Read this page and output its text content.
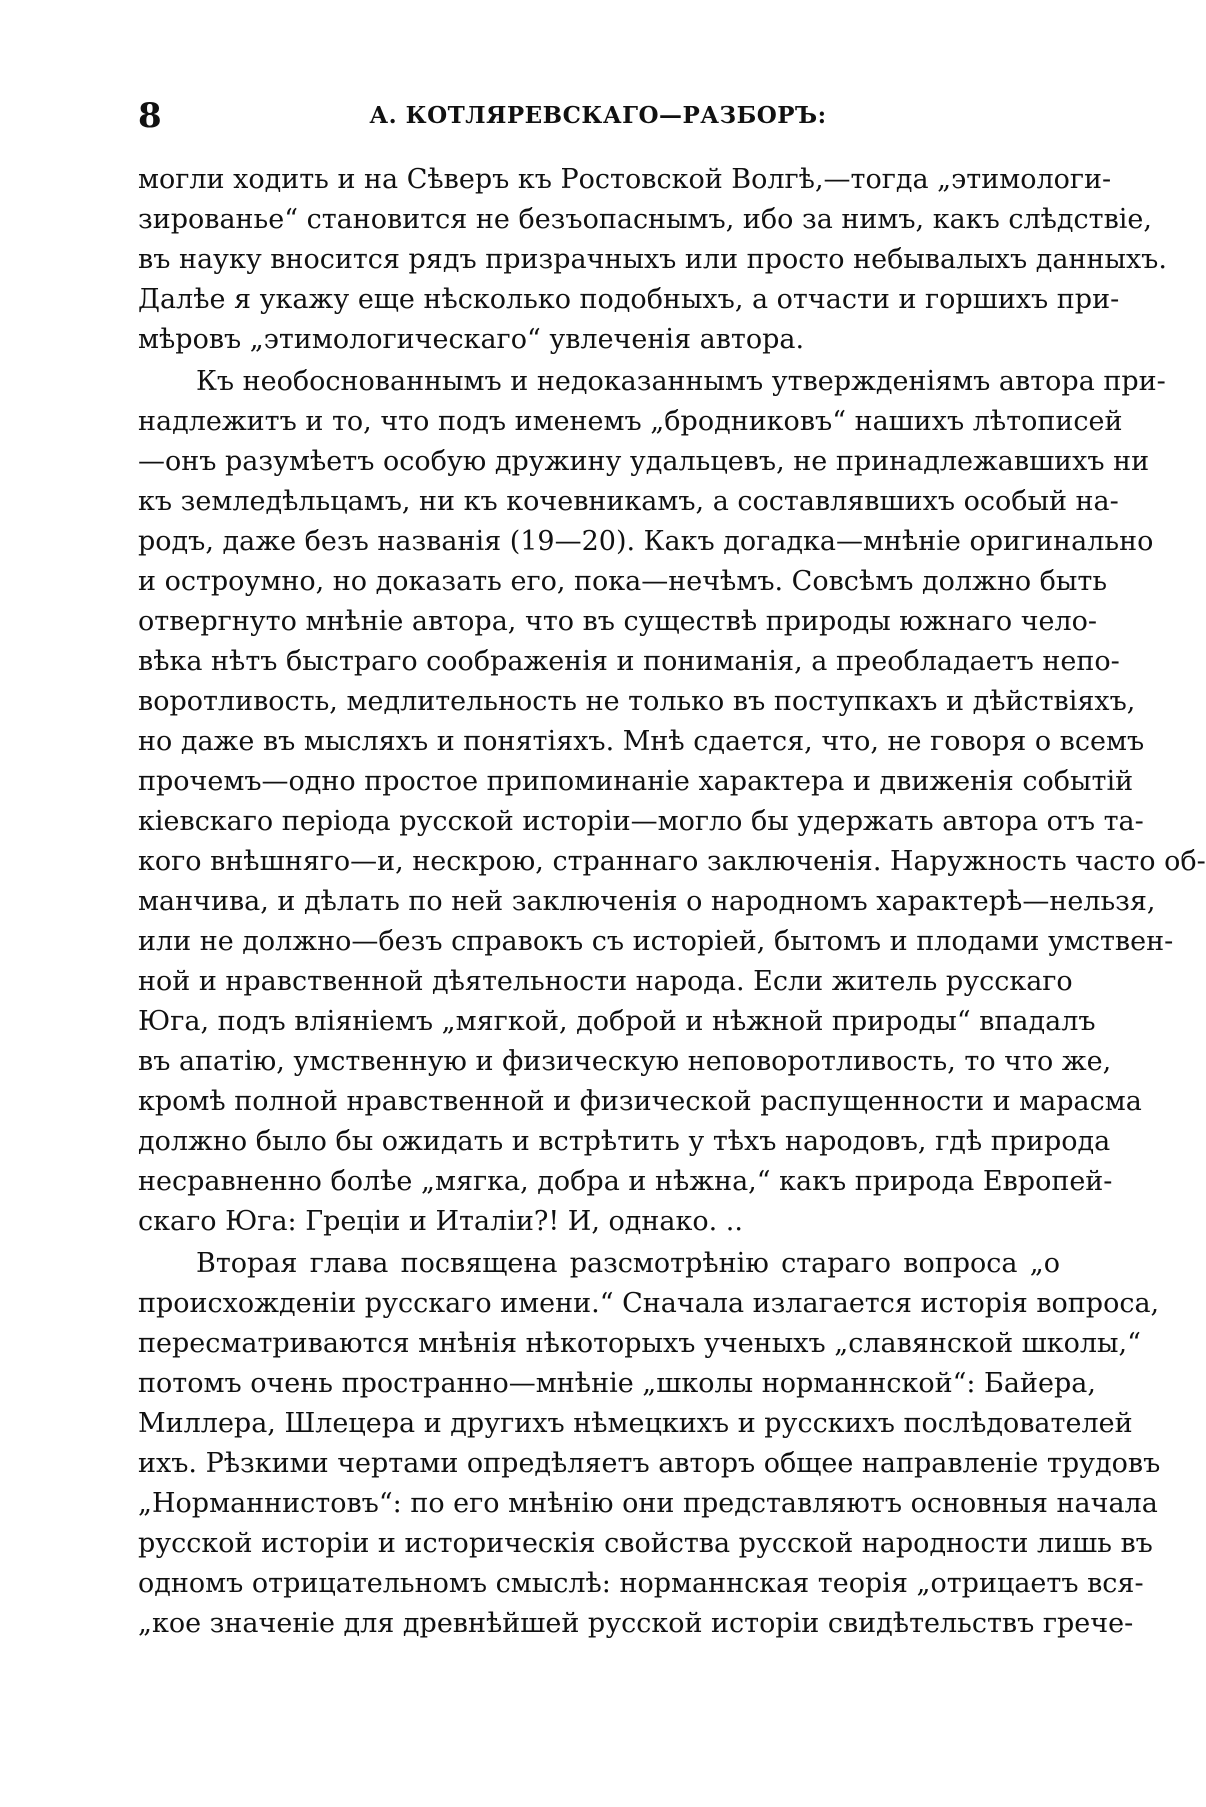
8	А. КОТЛЯРЕВСКАГО—РАЗБОРЪ:
могли ходить и на Сѣверъ къ Ростовской Волгѣ,—тогда „этимологи-
зированье“ становится не безъопаснымъ, ибо за нимъ, какъ слѣдствіе,
въ науку вносится рядъ призрачныхъ или просто небывалыхъ данныхъ.
Далѣе я укажу еще нѣсколько подобныхъ, а отчасти и горшихъ при-
мѣровъ „этимологическаго“ увлеченія автора.
Къ необоснованнымъ и недоказаннымъ утвержденіямъ автора при-
надлежитъ и то, что подъ именемъ „бродниковъ“ нашихъ лѣтописей
—онъ разумѣетъ особую дружину удальцевъ, не принадлежавшихъ ни
къ земледѣльцамъ, ни къ кочевникамъ, а составлявшихъ особый на-
родъ, даже безъ названія (19—20). Какъ догадка—мнѣніе оригинально
и остроумно, но доказать его, пока—нечѣмъ. Совсѣмъ должно быть
отвергнуто мнѣніе автора, что въ существѣ природы южнаго чело-
вѣка нѣтъ быстраго соображенія и пониманія, а преобладаетъ непо-
воротливость, медлительность не только въ поступкахъ и дѣйствіяхъ,
но даже въ мысляхъ и понятіяхъ. Мнѣ сдается, что, не говоря о всемъ
прочемъ—одно простое припоминаніе характера и движенія событій
кіевскаго періода русской исторіи—могло бы удержать автора отъ та-
кого внѣшняго—и, нескрою, страннаго заключенія. Наружность часто об-
манчива, и дѣлать по ней заключенія о народномъ характерѣ—нельзя,
или не должно—безъ справокъ съ исторіей, бытомъ и плодами умствен-
ной и нравственной дѣятельности народа. Если житель русскаго
Юга, подъ вліяніемъ „мягкой, доброй и нѣжной природы“ впадалъ
въ апатію, умственную и физическую неповоротливость, то что же,
кромѣ полной нравственной и физической распущенности и марасма
должно было бы ожидать и встрѣтить у тѣхъ народовъ, гдѣ природа
несравненно болѣе „мягка, добра и нѣжна,“ какъ природа Европей-
скаго Юга: Греціи и Италіи?! И, однако. ..
Вторая глава посвящена разсмотрѣнію стараго вопроса „о
происхожденіи русскаго имени.“ Сначала излагается исторія вопроса,
пересматриваются мнѣнія нѣкоторыхъ ученыхъ „славянской школы,“
потомъ очень пространно—мнѣніе „школы норманнской“: Байера,
Миллера, Шлецера и другихъ нѣмецкихъ и русскихъ послѣдователей
ихъ. Рѣзкими чертами опредѣляетъ авторъ общее направленіе трудовъ
„Норманнистовъ“: по его мнѣнію они представляютъ основныя начала
русской исторіи и историческія свойства русской народности лишь въ
одномъ отрицательномъ смыслѣ: норманнская теорія „отрицаетъ вся-
„кое значеніе для древнѣйшей русской исторіи свидѣтельствъ грече-
